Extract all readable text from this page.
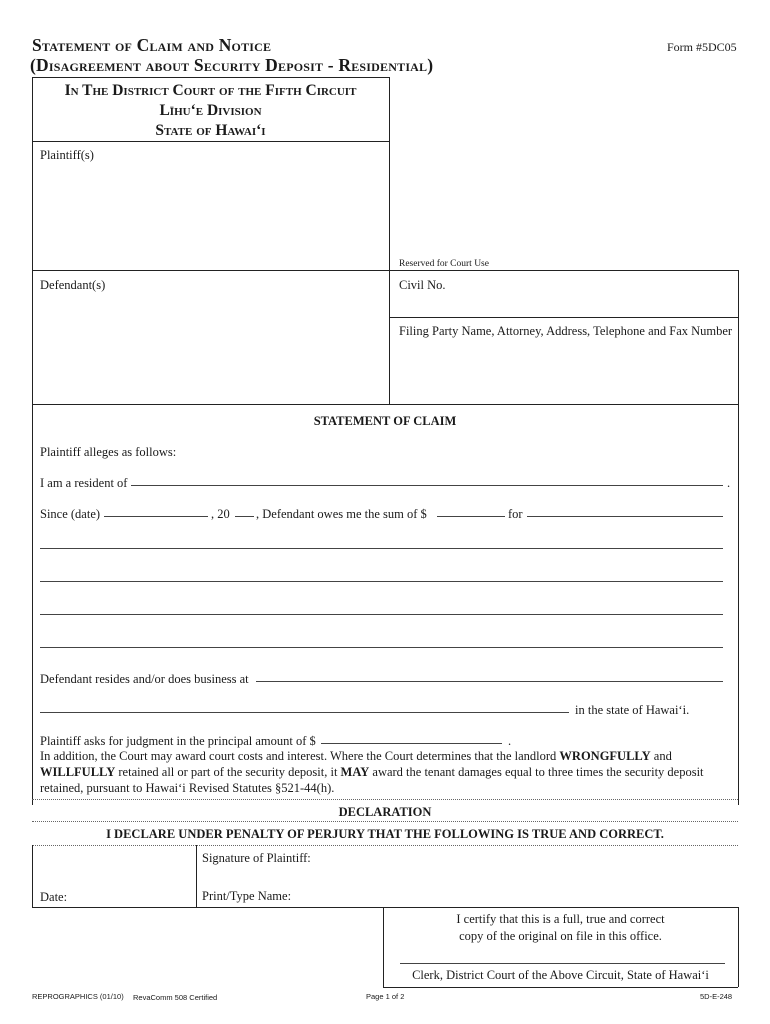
Statement of Claim and Notice
(Disagreement about Security Deposit - Residential)
Form #5DC05
In The District Court of the Fifth Circuit
Līhuʻe Division
State of Hawaiʻi
Plaintiff(s)
Reserved for Court Use
Defendant(s)	Civil No.
Filing Party Name, Attorney, Address, Telephone and Fax Number
STATEMENT OF CLAIM
Plaintiff alleges as follows:
I am a resident of	.
Since (date)	, 20 , Defendant owes me the sum of $	for
Defendant resides and/or does business at
in the state of Hawaiʻi.
Plaintiff asks for judgment in the principal amount of $	.
In addition, the Court may award court costs and interest. Where the Court determines that the landlord WRONGFULLY and
WILLFULLY retained all or part of the security deposit, it MAY award the tenant damages equal to three times the security deposit
retained, pursuant to Hawaiʻi Revised Statutes §521-44(h).
DECLARATION
I DECLARE UNDER PENALTY OF PERJURY THAT THE FOLLOWING IS TRUE AND CORRECT.
Signature of Plaintiff:
Date:	Print/Type Name:
I certify that this is a full, true and correct
copy of the original on file in this office.
Clerk, District Court of the Above Circuit, State of Hawaiʻi
REPROGRAPHICS (01/10) RevaComm 508 Certified	Page 1 of 2	5D-E-248
